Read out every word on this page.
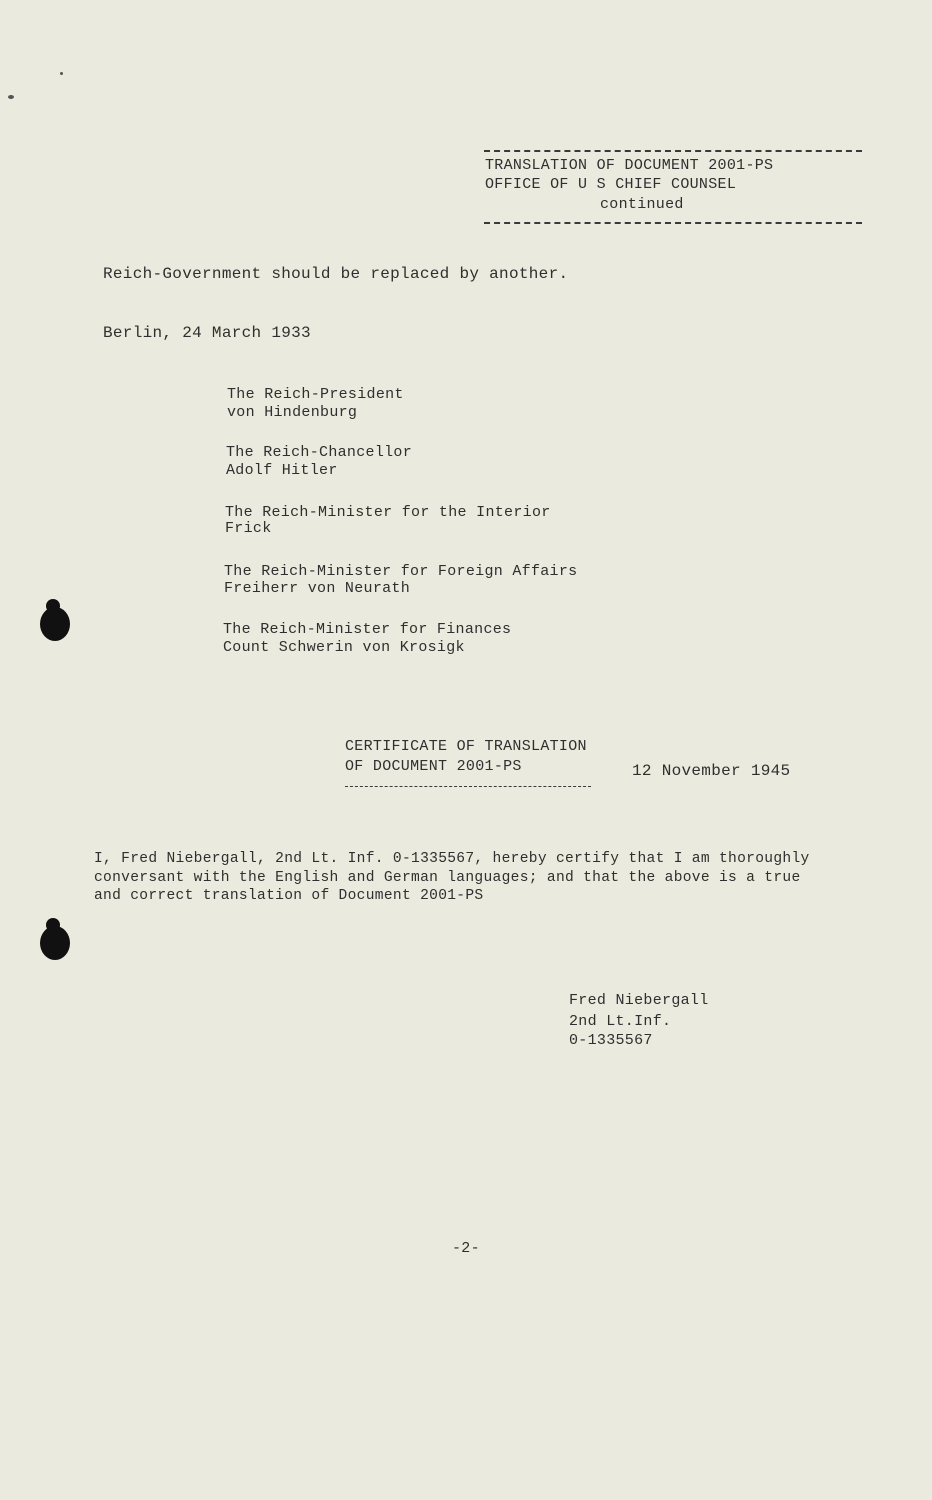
TRANSLATION OF DOCUMENT 2001-PS
OFFICE OF U S CHIEF COUNSEL
continued
Reich-Government should be replaced by another.
Berlin, 24 March 1933
The Reich-President
von Hindenburg
The Reich-Chancellor
Adolf Hitler
The Reich-Minister for the Interior
Frick
The Reich-Minister for Foreign Affairs
Freiherr von Neurath
The Reich-Minister for Finances
Count Schwerin von Krosigk
CERTIFICATE OF TRANSLATION
OF DOCUMENT 2001-PS	12 November 1945
I, Fred Niebergall, 2nd Lt. Inf. 0-1335567, hereby certify that I am thoroughly
conversant with the English and German languages; and that the above is a true
and correct translation of Document 2001-PS
Fred Niebergall
2nd Lt.Inf.
0-1335567
-2-
